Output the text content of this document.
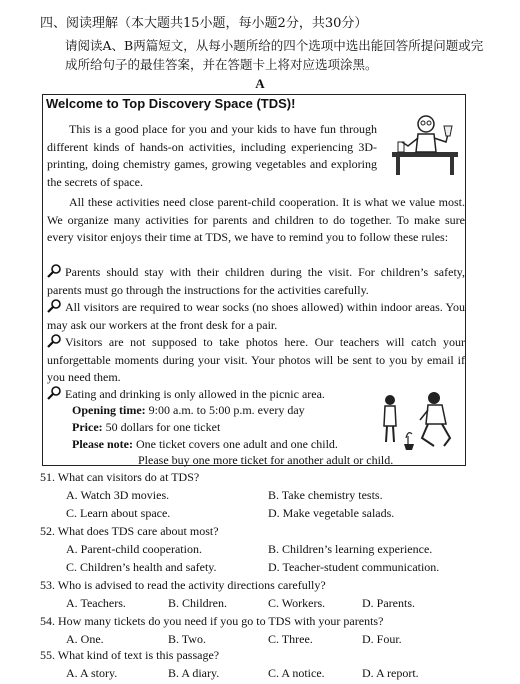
四、阅读理解（本大题共15小题，每小题2分，共30分）
请阅读A、B两篇短文，从每小题所给的四个选项中选出能回答所提问题或完成所给句子的最佳答案，并在答题卡上将对应选项涂黑。
A
Welcome to Top Discovery Space (TDS)!
This is a good place for you and your kids to have fun through different kinds of hands-on activities, including experiencing 3D-printing, doing chemistry games, growing vegetables and exploring the secrets of space.
All these activities need close parent-child cooperation. It is what we value most. We organize many activities for parents and children to do together. To make sure every visitor enjoys their time at TDS, we have to remind you to follow these rules:
Parents should stay with their children during the visit. For children’s safety, parents must go through the instructions for the activities carefully.
All visitors are required to wear socks (no shoes allowed) within indoor areas. You may ask our workers at the front desk for a pair.
Visitors are not supposed to take photos here. Our teachers will catch your unforgettable moments during your visit. Your photos will be sent to you by email if you need them.
Eating and drinking is only allowed in the picnic area.
Opening time: 9:00 a.m. to 5:00 p.m. every day
Price: 50 dollars for one ticket
Please note: One ticket covers one adult and one child.
Please buy one more ticket for another adult or child.
51. What can visitors do at TDS?
A. Watch 3D movies.	B. Take chemistry tests.
C. Learn about space.	D. Make vegetable salads.
52. What does TDS care about most?
A. Parent-child cooperation.	B. Children’s learning experience.
C. Children’s health and safety.	D. Teacher-student communication.
53. Who is advised to read the activity directions carefully?
A. Teachers.	B. Children.	C. Workers.	D. Parents.
54. How many tickets do you need if you go to TDS with your parents?
A. One.	B. Two.	C. Three.	D. Four.
55. What kind of text is this passage?
A. A story.	B. A diary.	C. A notice.	D. A report.
